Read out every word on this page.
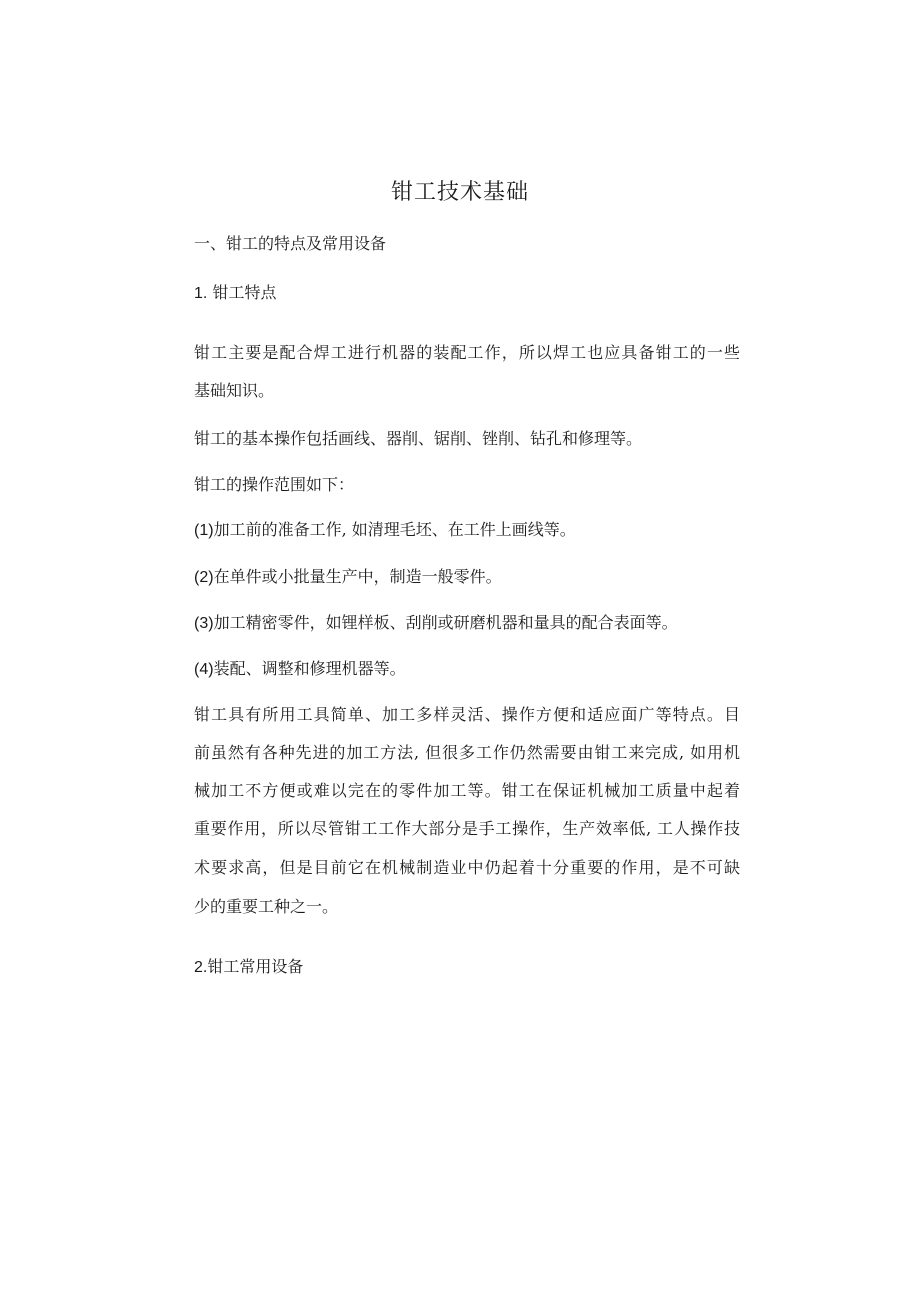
钳工技术基础
一、钳工的特点及常用设备
1. 钳工特点
钳工主要是配合焊工进行机器的装配工作，所以焊工也应具备钳工的一些
基础知识。
钳工的基本操作包括画线、器削、锯削、锉削、钻孔和修理等。
钳工的操作范围如下：
(1)加工前的准备工作, 如清理毛坯、在工件上画线等。
(2)在单件或小批量生产中，制造一般零件。
(3)加工精密零件，如锂样板、刮削或研磨机器和量具的配合表面等。
(4)装配、调整和修理机器等。
钳工具有所用工具简单、加工多样灵活、操作方便和适应面广等特点。目
前虽然有各种先进的加工方法, 但很多工作仍然需要由钳工来完成, 如用机
械加工不方便或难以完在的零件加工等。钳工在保证机械加工质量中起着
重要作用，所以尽管钳工工作大部分是手工操作，生产效率低, 工人操作技
术要求高，但是目前它在机械制造业中仍起着十分重要的作用，是不可缺
少的重要工种之一。
2.钳工常用设备
